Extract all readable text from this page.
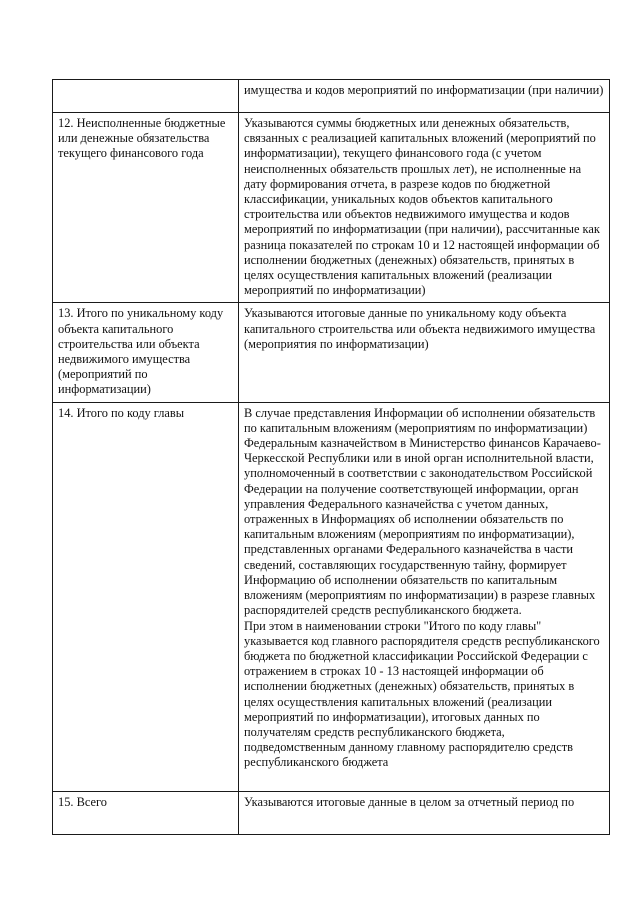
	имущества и кодов мероприятий по информатизации (при наличии)
12. Неисполненные бюджетные или денежные обязательства текущего финансового года	Указываются суммы бюджетных или денежных обязательств, связанных с реализацией капитальных вложений (мероприятий по информатизации), текущего финансового года (с учетом неисполненных обязательств прошлых лет), не исполненные на дату формирования отчета, в разрезе кодов по бюджетной классификации, уникальных кодов объектов капитального строительства или объектов недвижимого имущества и кодов мероприятий по информатизации (при наличии), рассчитанные как разница показателей по строкам 10 и 12 настоящей информации об исполнении бюджетных (денежных) обязательств, принятых в целях осуществления капитальных вложений (реализации мероприятий по информатизации)
13. Итого по уникальному коду объекта капитального строительства или объекта недвижимого имущества (мероприятий по информатизации)	Указываются итоговые данные по уникальному коду объекта капитального строительства или объекта недвижимого имущества (мероприятия по информатизации)
14. Итого по коду главы	В случае представления Информации об исполнении обязательств по капитальным вложениям (мероприятиям по информатизации) Федеральным казначейством в Министерство финансов Карачаево-Черкесской Республики или в иной орган исполнительной власти, уполномоченный в соответствии с законодательством Российской Федерации на получение соответствующей информации, орган управления Федерального казначейства с учетом данных, отраженных в Информациях об исполнении обязательств по капитальным вложениям (мероприятиям по информатизации), представленных органами Федерального казначейства в части сведений, составляющих государственную тайну, формирует Информацию об исполнении обязательств по капитальным вложениям (мероприятиям по информатизации) в разрезе главных распорядителей средств республиканского бюджета.
При этом в наименовании строки "Итого по коду главы" указывается код главного распорядителя средств республиканского бюджета по бюджетной классификации Российской Федерации с отражением в строках 10 - 13 настоящей информации об исполнении бюджетных (денежных) обязательств, принятых в целях осуществления капитальных вложений (реализации мероприятий по информатизации), итоговых данных по получателям средств республиканского бюджета, подведомственным данному главному распорядителю средств республиканского бюджета

15. Всего	Указываются итоговые данные в целом за отчетный период по
